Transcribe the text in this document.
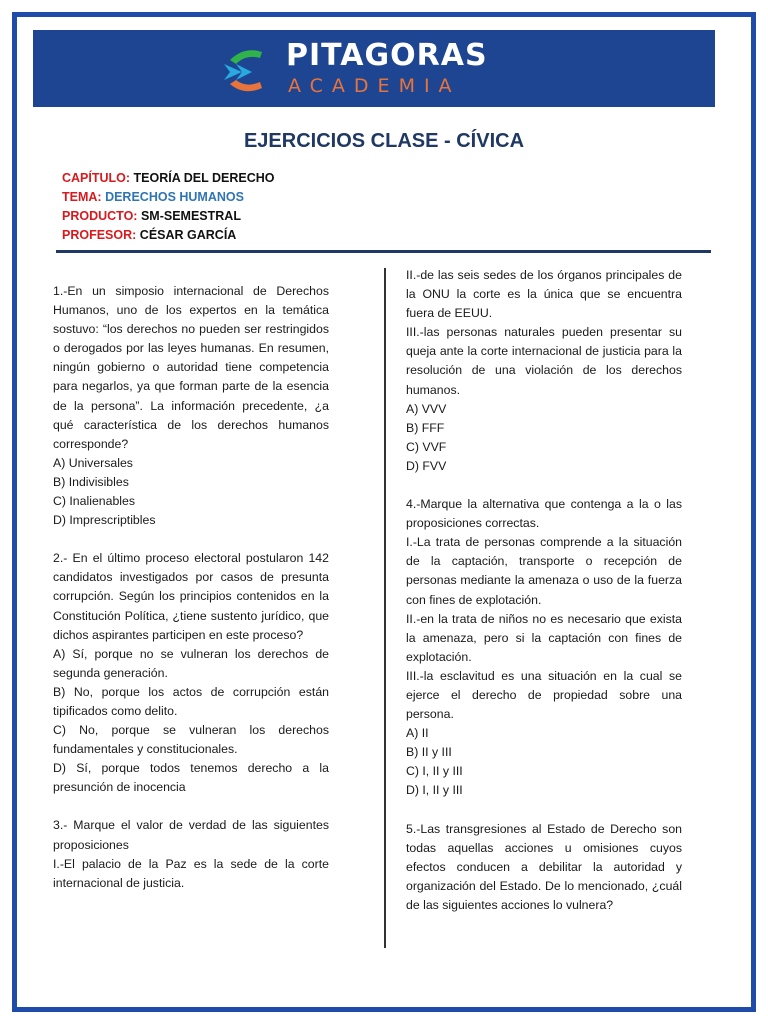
PITAGORAS
ACADEMIA
EJERCICIOS CLASE - CÍVICA
CAPÍTULO: TEORÍA DEL DERECHO
TEMA: DERECHOS HUMANOS
PRODUCTO: SM-SEMESTRAL
PROFESOR: CÉSAR GARCÍA

1.-En un simposio internacional de Derechos Humanos, uno de los expertos en la temática sostuvo: “los derechos no pueden ser restringidos o derogados por las leyes humanas. En resumen, ningún gobierno o autoridad tiene competencia para negarlos, ya que forman parte de la esencia de la persona”. La información precedente, ¿a qué característica de los derechos humanos corresponde?

A) Universales

B) Indivisibles

C) Inalienables

D) Imprescriptibles

2.- En el último proceso electoral postularon 142 candidatos investigados por casos de presunta corrupción. Según los principios contenidos en la Constitución Política, ¿tiene sustento jurídico, que dichos aspirantes participen en este proceso?

A) Sí, porque no se vulneran los derechos de segunda generación.

B) No, porque los actos de corrupción están tipificados como delito.

C) No, porque se vulneran los derechos fundamentales y constitucionales.

D) Sí, porque todos tenemos derecho a la presunción de inocencia

3.- Marque el valor de verdad de las siguientes proposiciones

I.-El palacio de la Paz es la sede de la corte internacional de justicia.

II.-de las seis sedes de los órganos principales de la ONU la corte es la única que se encuentra fuera de EEUU.

III.-las personas naturales pueden presentar su queja ante la corte internacional de justicia para la resolución de una violación de los derechos humanos.

A) VVV

B) FFF

C) VVF

D) FVV

4.-Marque la alternativa que contenga a la o las proposiciones correctas.

I.-La trata de personas comprende a la situación de la captación, transporte o recepción de personas mediante la amenaza o uso de la fuerza con fines de explotación.

II.-en la trata de niños no es necesario que exista la amenaza, pero si la captación con fines de explotación.

III.-la esclavitud es una situación en la cual se ejerce el derecho de propiedad sobre una persona.

A) II

B) II y III

C) I, II y III

D) I, II y III

5.-Las transgresiones al Estado de Derecho son todas aquellas acciones u omisiones cuyos efectos conducen a debilitar la autoridad y organización del Estado. De lo mencionado, ¿cuál de las siguientes acciones lo vulnera?
